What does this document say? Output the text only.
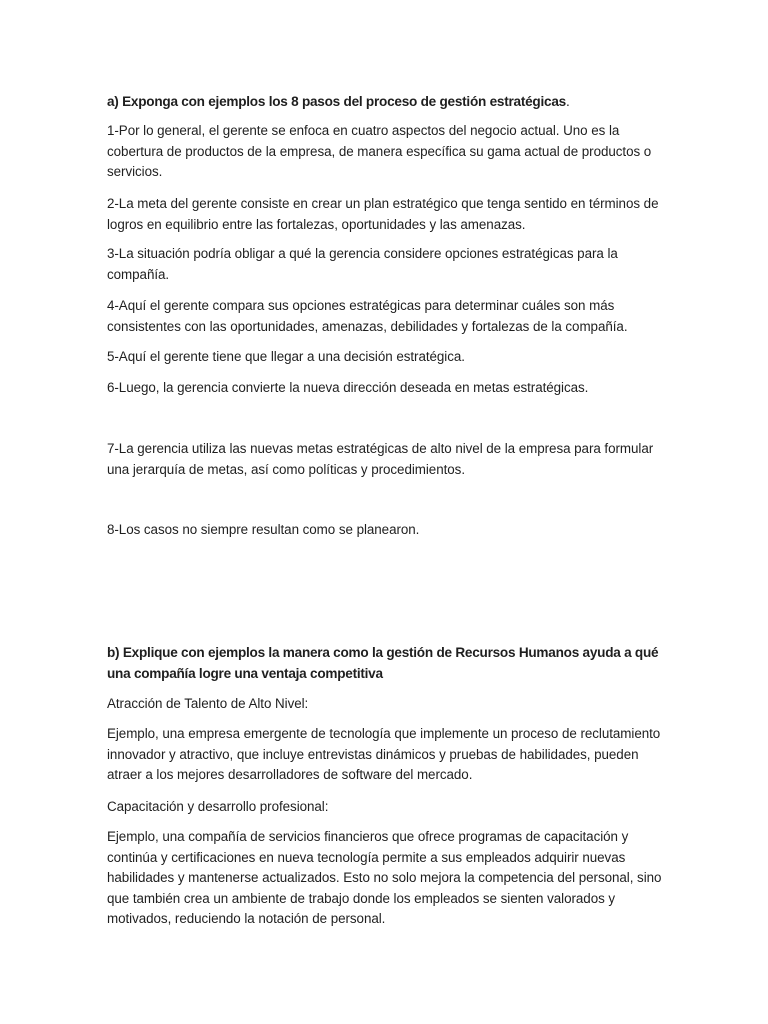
a) Exponga con ejemplos los 8 pasos del proceso de gestión estratégicas.

1-Por lo general, el gerente se enfoca en cuatro aspectos del negocio actual. Uno es la cobertura de productos de la empresa, de manera específica su gama actual de productos o servicios.

2-La meta del gerente consiste en crear un plan estratégico que tenga sentido en términos de logros en equilibrio entre las fortalezas, oportunidades y las amenazas.

3-La situación podría obligar a qué la gerencia considere opciones estratégicas para la compañía.

4-Aquí el gerente compara sus opciones estratégicas para determinar cuáles son más consistentes con las oportunidades, amenazas, debilidades y fortalezas de la compañía.

5-Aquí el gerente tiene que llegar a una decisión estratégica.

6-Luego, la gerencia convierte la nueva dirección deseada en metas estratégicas.

7-La gerencia utiliza las nuevas metas estratégicas de alto nivel de la empresa para formular una jerarquía de metas, así como políticas y procedimientos.

8-Los casos no siempre resultan como se planearon.

b) Explique con ejemplos la manera como la gestión de Recursos Humanos ayuda a qué una compañía logre una ventaja competitiva

Atracción de Talento de Alto Nivel:

Ejemplo, una empresa emergente de tecnología que implemente un proceso de reclutamiento innovador y atractivo, que incluye entrevistas dinámicos y pruebas de habilidades, pueden atraer a los mejores desarrolladores de software del mercado.

Capacitación y desarrollo profesional:

Ejemplo, una compañía de servicios financieros que ofrece programas de capacitación y continúa y certificaciones en nueva tecnología permite a sus empleados adquirir nuevas habilidades y mantenerse actualizados. Esto no solo mejora la competencia del personal, sino que también crea un ambiente de trabajo donde los empleados se sienten valorados y motivados, reduciendo la notación de personal.
